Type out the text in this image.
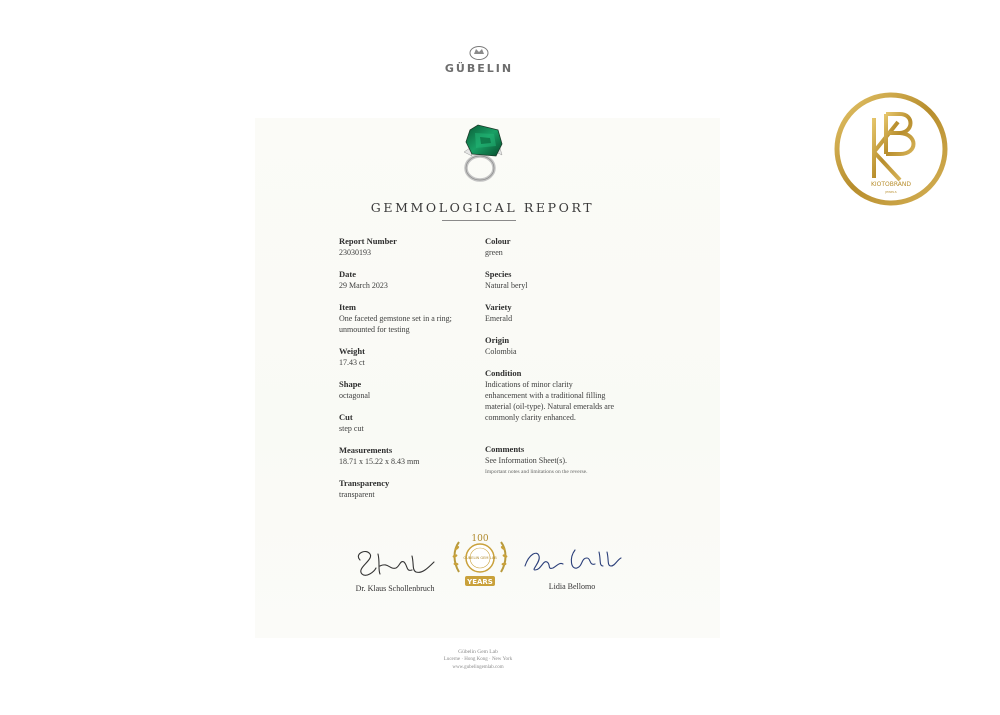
GÜBELIN
GEMMOLOGICAL REPORT
Report Number
23030193
Date
29 March 2023
Item
One faceted gemstone set in a ring; unmounted for testing
Weight
17.43 ct
Shape
octagonal
Cut
step cut
Measurements
18.71 x 15.22 x 8.43 mm
Transparency
transparent
Colour
green
Species
Natural beryl
Variety
Emerald
Origin
Colombia
Condition
Indications of minor clarity enhancement with a traditional filling material (oil-type). Natural emeralds are commonly clarity enhanced.
Comments
See Information Sheet(s).
Important notes and limitations on the reverse.
Dr. Klaus Schollenbruch	Lidia Bellomo
100
GÜBELIN GEM LAB
YEARS
Gübelin Gem Lab
Lucerne · Hong Kong · New York
www.gubelingemlab.com
KIOTOBRAND
JEWELS
